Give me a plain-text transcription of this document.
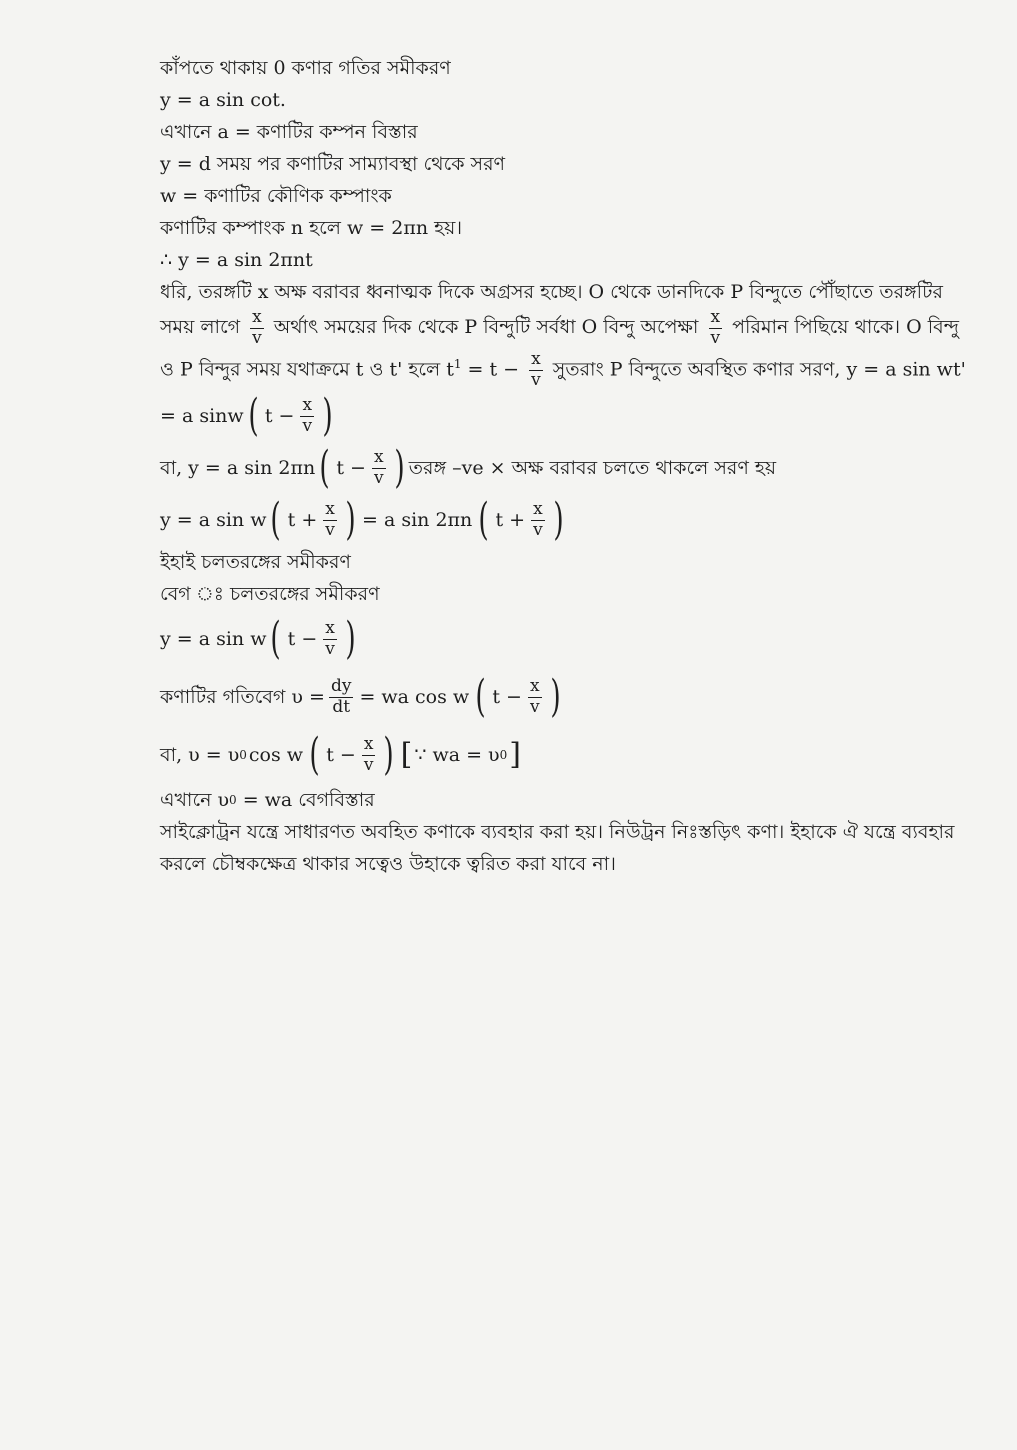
কাঁপতে থাকায় 0 কণার গতির সমীকরণ
y = a sin cot.
এখানে a = কণাটির কম্পন বিস্তার
y = d সময় পর কণাটির সাম্যাবস্থা থেকে সরণ
w = কণাটির কৌণিক কম্পাংক
কণাটির কম্পাংক n হলে w = 2πn হয়।
∴ y = a sin 2πnt
ধরি, তরঙ্গটি x অক্ষ বরাবর ধ্বনাত্মক দিকে অগ্রসর হচ্ছে। O থেকে ডানদিকে P বিন্দুতে পৌঁছাতে তরঙ্গটির সময় লাগে $\frac{x}{v}$ অর্থাৎ সময়ের দিক থেকে P বিন্দুটি সর্বধা O বিন্দু অপেক্ষা $\frac{x}{v}$ পরিমান পিছিয়ে থাকে। O বিন্দু ও P বিন্দুর সময় যথাক্রমে t ও t' হলে $t^1 = t - \frac{x}{v}$ সুতরাং P বিন্দুতে অবস্থিত কণার সরণ, y = a sin wt'
= a sinw ( $t - \frac{x}{v}$ )
বা, y = a sin 2πn ( $t - \frac{x}{v}$ ) তরঙ্গ –ve × অক্ষ বরাবর চলতে থাকলে সরণ হয়
y = a sin w ( $t + \frac{x}{v}$ ) = a sin 2πn ( $t + \frac{x}{v}$ )
ইহাই চলতরঙ্গের সমীকরণ
বেগ ঃ চলতরঙ্গের সমীকরণ
y = a sin w ( $t - \frac{x}{v}$ )
কণাটির গতিবেগ $\upsilon = \frac{dy}{dt}$ = wa cos w ( $t - \frac{x}{v}$ )
বা, υ = υ 0 cos w ( $t - \frac{x}{v}$ ) [ ∵ wa = υ 0 ]
এখানে υ 0
= wa বেগবিস্তার
সাইক্লোট্রন যন্ত্রে সাধারণত অবহিত কণাকে ব্যবহার করা হয়। নিউট্রন নিঃস্তড়িৎ কণা। ইহাকে ঐ যন্ত্রে ব্যবহার করলে চৌম্বকক্ষেত্র থাকার সত্বেও উহাকে ত্বরিত করা যাবে না।
